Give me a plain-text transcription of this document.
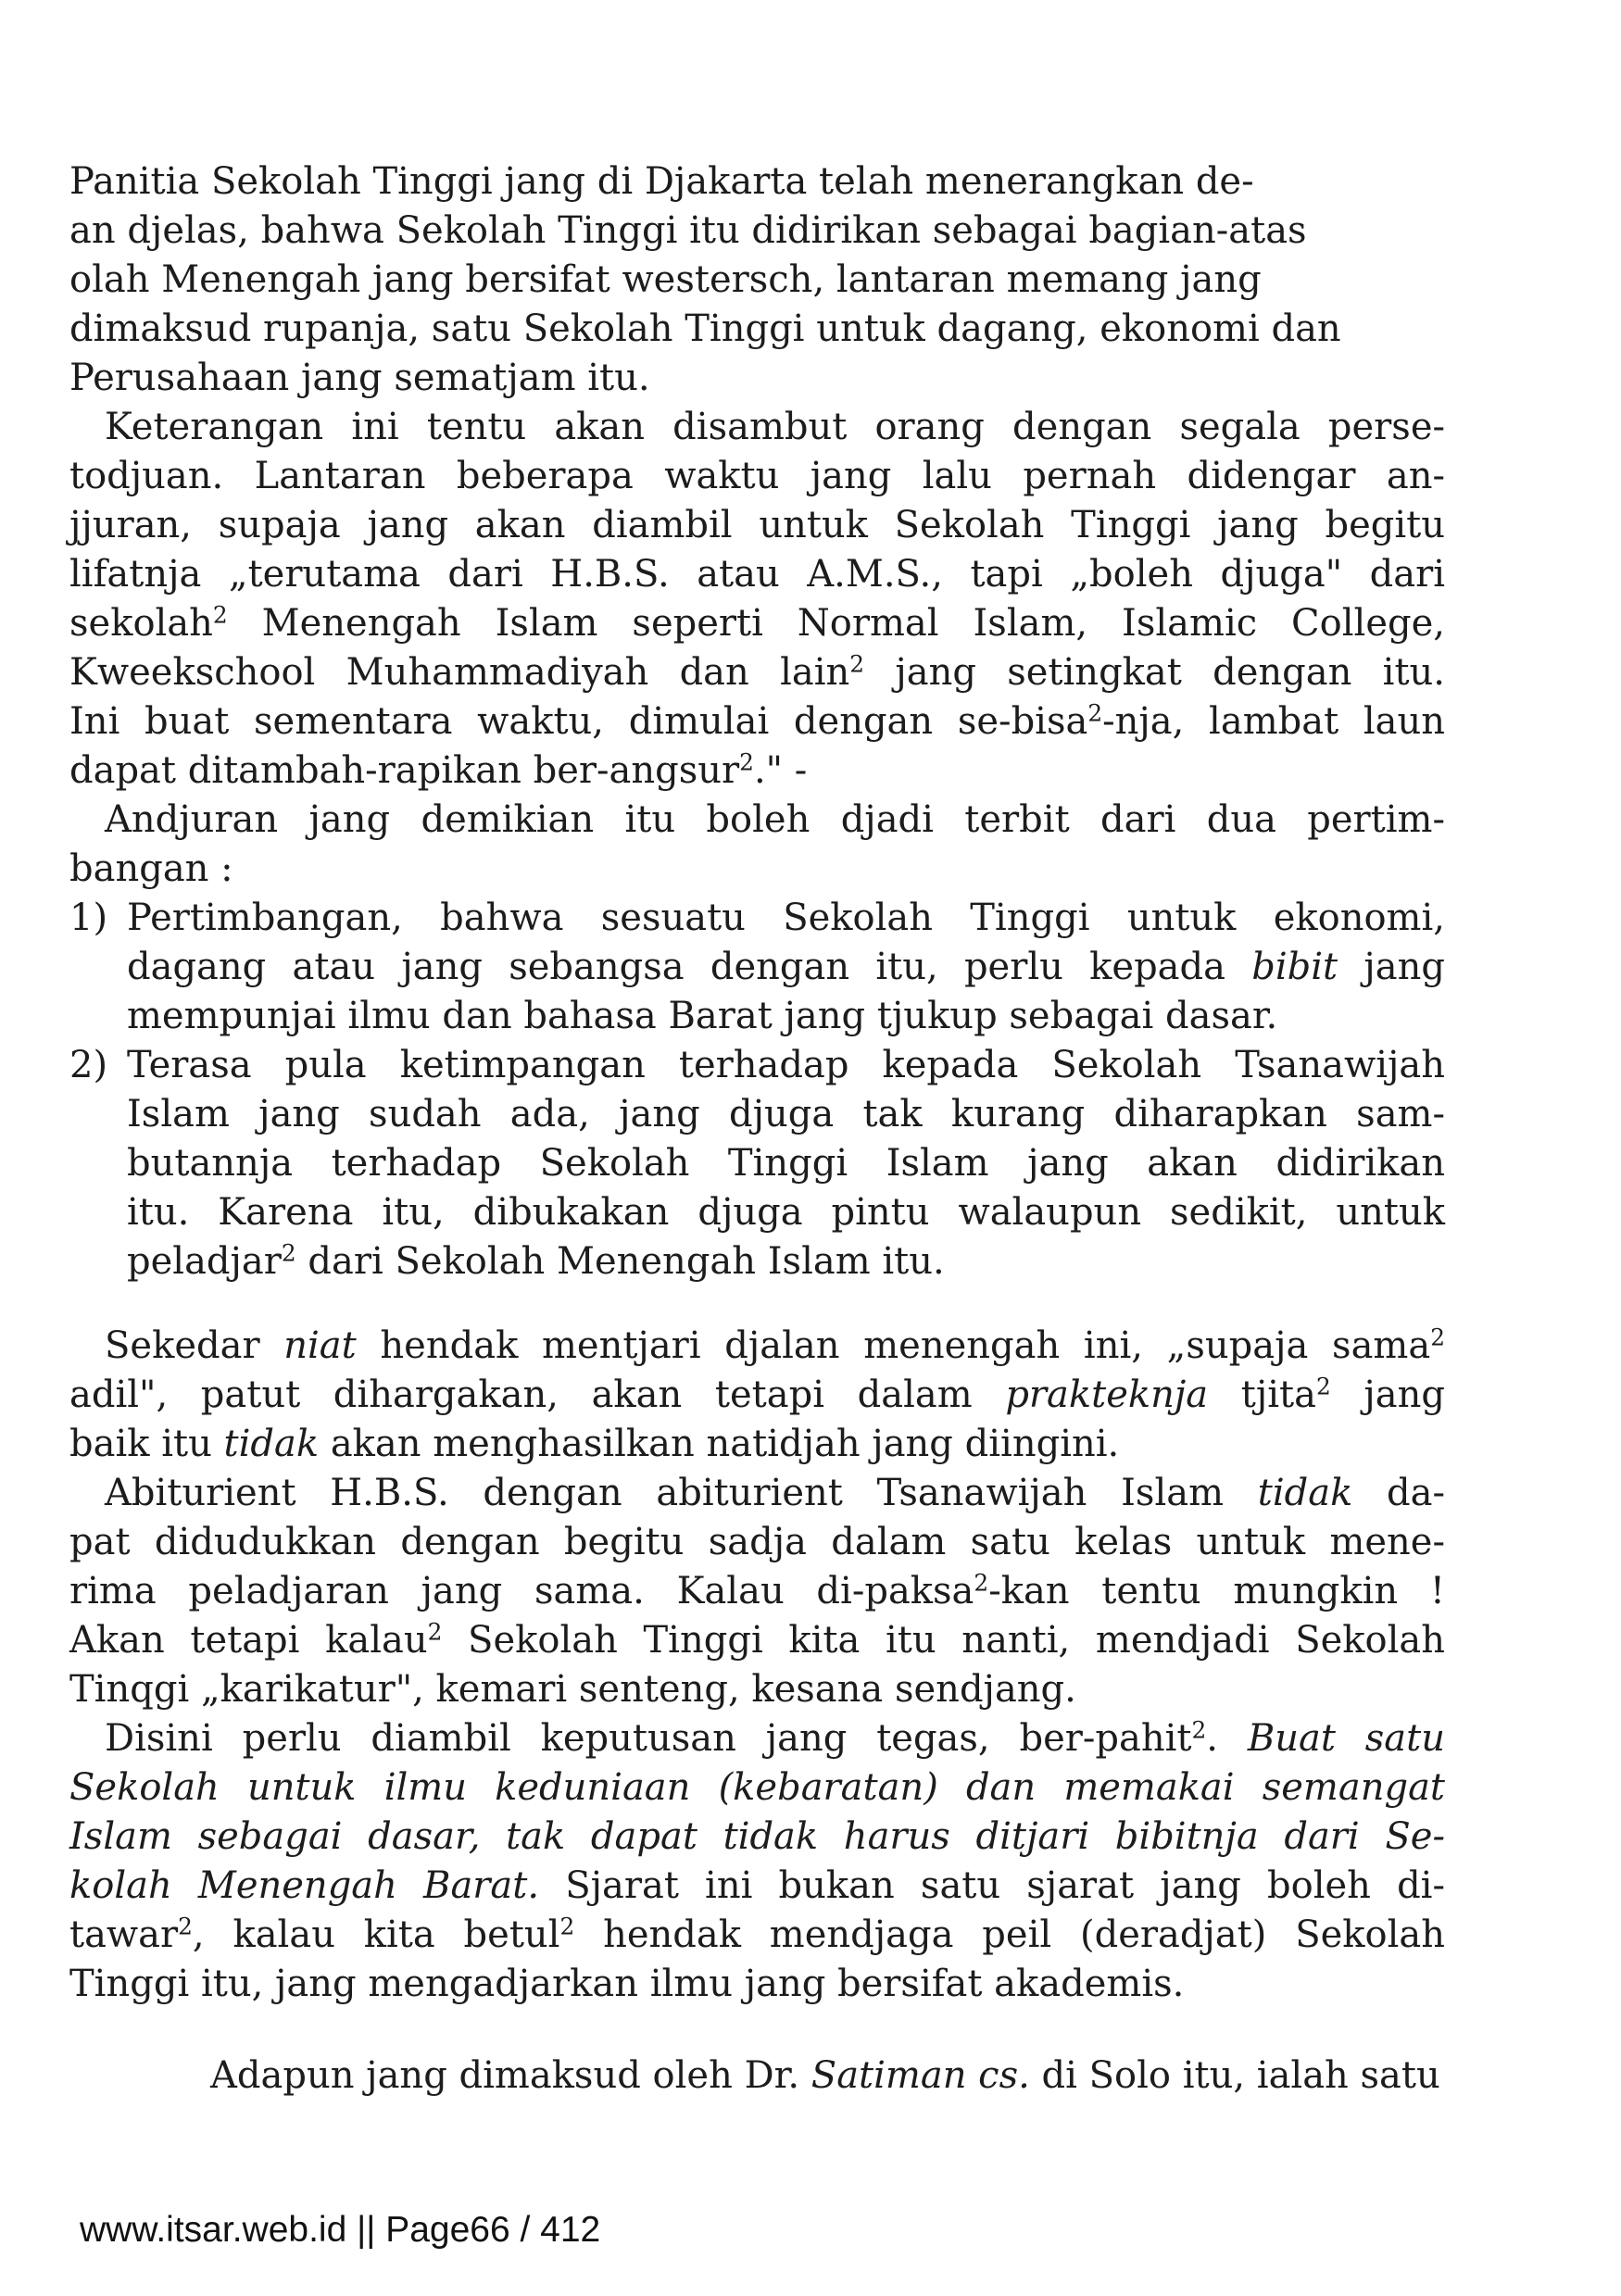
Panitia Sekolah Tinggi jang di Djakarta telah menerangkan de-
an djelas, bahwa Sekolah Tinggi itu didirikan sebagai bagian-atas
olah Menengah jang bersifat westersch, lantaran memang jang
dimaksud rupanja, satu Sekolah Tinggi untuk dagang, ekonomi dan
Perusahaan jang sematjam itu.
Keterangan ini tentu akan disambut orang dengan segala perse-
todjuan. Lantaran beberapa waktu jang lalu pernah didengar an-
jjuran, supaja jang akan diambil untuk Sekolah Tinggi jang begitu
lifatnja „terutama dari H.B.S. atau A.M.S., tapi „boleh djuga" dari
sekolah$^2$ Menengah Islam seperti Normal Islam, Islamic College,
Kweekschool Muhammadiyah dan lain$^2$ jang setingkat dengan itu.
Ini buat sementara waktu, dimulai dengan se-bisa$^2$-nja, lambat laun
dapat ditambah-rapikan ber-angsur$^2$." -
Andjuran jang demikian itu boleh djadi terbit dari dua pertim-
bangan :
1) Pertimbangan, bahwa sesuatu Sekolah Tinggi untuk ekonomi,
dagang atau jang sebangsa dengan itu, perlu kepada bibit jang
mempunjai ilmu dan bahasa Barat jang tjukup sebagai dasar.
2) Terasa pula ketimpangan terhadap kepada Sekolah Tsanawijah
Islam jang sudah ada, jang djuga tak kurang diharapkan sam-
butannja terhadap Sekolah Tinggi Islam jang akan didirikan
itu. Karena itu, dibukakan djuga pintu walaupun sedikit, untuk
peladjar$^2$ dari Sekolah Menengah Islam itu.
Sekedar niat hendak mentjari djalan menengah ini, „supaja sama$^2$
adil", patut dihargakan, akan tetapi dalam prakteknja tjita$^2$ jang
baik itu tidak akan menghasilkan natidjah jang diingini.
Abiturient H.B.S. dengan abiturient Tsanawijah Islam tidak da-
pat didudukkan dengan begitu sadja dalam satu kelas untuk mene-
rima peladjaran jang sama. Kalau di-paksa$^2$-kan tentu mungkin !
Akan tetapi kalau$^2$ Sekolah Tinggi kita itu nanti, mendjadi Sekolah
Tinqgi „karikatur", kemari senteng, kesana sendjang.
Disini perlu diambil keputusan jang tegas, ber-pahit$^2$. Buat satu
Sekolah untuk ilmu keduniaan (kebaratan) dan memakai semangat
Islam sebagai dasar, tak dapat tidak harus ditjari bibitnja dari Se-
kolah Menengah Barat. Sjarat ini bukan satu sjarat jang boleh di-
tawar$^2$, kalau kita betul$^2$ hendak mendjaga peil (deradjat) Sekolah
Tinggi itu, jang mengadjarkan ilmu jang bersifat akademis.
Adapun jang dimaksud oleh Dr. Satiman cs. di Solo itu, ialah satu
www.itsar.web.id || Page66 / 412
